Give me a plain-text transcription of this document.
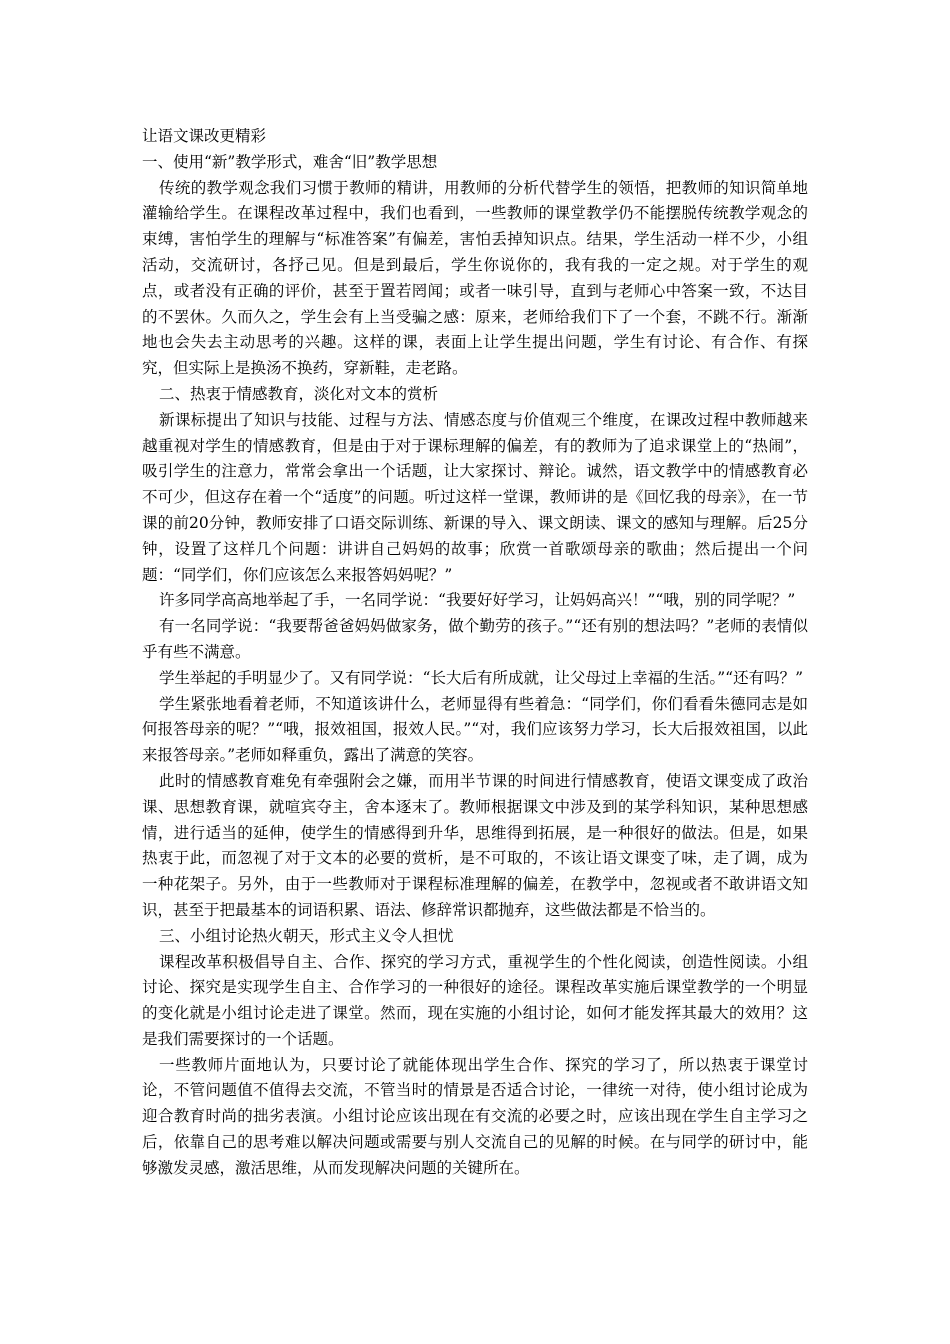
让语文课改更精彩

一、使用“新”教学形式，难舍“旧”教学思想

传统的教学观念我们习惯于教师的精讲，用教师的分析代替学生的领悟，把教师的知识简单地灌输给学生。在课程改革过程中，我们也看到，一些教师的课堂教学仍不能摆脱传统教学观念的束缚，害怕学生的理解与“标准答案”有偏差，害怕丢掉知识点。结果，学生活动一样不少，小组活动，交流研讨，各抒己见。但是到最后，学生你说你的，我有我的一定之规。对于学生的观点，或者没有正确的评价，甚至于置若罔闻；或者一味引导，直到与老师心中答案一致，不达目的不罢休。久而久之，学生会有上当受骗之感：原来，老师给我们下了一个套，不跳不行。渐渐地也会失去主动思考的兴趣。这样的课，表面上让学生提出问题，学生有讨论、有合作、有探究，但实际上是换汤不换药，穿新鞋，走老路。

二、热衷于情感教育，淡化对文本的赏析

新课标提出了知识与技能、过程与方法、情感态度与价值观三个维度，在课改过程中教师越来越重视对学生的情感教育，但是由于对于课标理解的偏差，有的教师为了追求课堂上的“热闹”，吸引学生的注意力，常常会拿出一个话题，让大家探讨、辩论。诚然，语文教学中的情感教育必不可少，但这存在着一个“适度”的问题。听过这样一堂课，教师讲的是《回忆我的母亲》，在一节课的前20分钟，教师安排了口语交际训练、新课的导入、课文朗读、课文的感知与理解。后25分钟，设置了这样几个问题：讲讲自己妈妈的故事；欣赏一首歌颂母亲的歌曲；然后提出一个问题：“同学们，你们应该怎么来报答妈妈呢？”

许多同学高高地举起了手，一名同学说：“我要好好学习，让妈妈高兴！”“哦，别的同学呢？”

有一名同学说：“我要帮爸爸妈妈做家务，做个勤劳的孩子。”“还有别的想法吗？”老师的表情似乎有些不满意。

学生举起的手明显少了。又有同学说：“长大后有所成就，让父母过上幸福的生活。”“还有吗？”

学生紧张地看着老师，不知道该讲什么，老师显得有些着急：“同学们，你们看看朱德同志是如何报答母亲的呢？”“哦，报效祖国，报效人民。”“对，我们应该努力学习，长大后报效祖国，以此来报答母亲。”老师如释重负，露出了满意的笑容。

此时的情感教育难免有牵强附会之嫌，而用半节课的时间进行情感教育，使语文课变成了政治课、思想教育课，就喧宾夺主，舍本逐末了。教师根据课文中涉及到的某学科知识，某种思想感情，进行适当的延伸，使学生的情感得到升华，思维得到拓展，是一种很好的做法。但是，如果热衷于此，而忽视了对于文本的必要的赏析，是不可取的，不该让语文课变了味，走了调，成为一种花架子。另外，由于一些教师对于课程标准理解的偏差，在教学中，忽视或者不敢讲语文知识，甚至于把最基本的词语积累、语法、修辞常识都抛弃，这些做法都是不恰当的。

三、小组讨论热火朝天，形式主义令人担忧

课程改革积极倡导自主、合作、探究的学习方式，重视学生的个性化阅读，创造性阅读。小组讨论、探究是实现学生自主、合作学习的一种很好的途径。课程改革实施后课堂教学的一个明显的变化就是小组讨论走进了课堂。然而，现在实施的小组讨论，如何才能发挥其最大的效用？这是我们需要探讨的一个话题。

一些教师片面地认为，只要讨论了就能体现出学生合作、探究的学习了，所以热衷于课堂讨论，不管问题值不值得去交流，不管当时的情景是否适合讨论，一律统一对待，使小组讨论成为迎合教育时尚的拙劣表演。小组讨论应该出现在有交流的必要之时，应该出现在学生自主学习之后，依靠自己的思考难以解决问题或需要与别人交流自己的见解的时候。在与同学的研讨中，能够激发灵感，激活思维，从而发现解决问题的关键所在。
